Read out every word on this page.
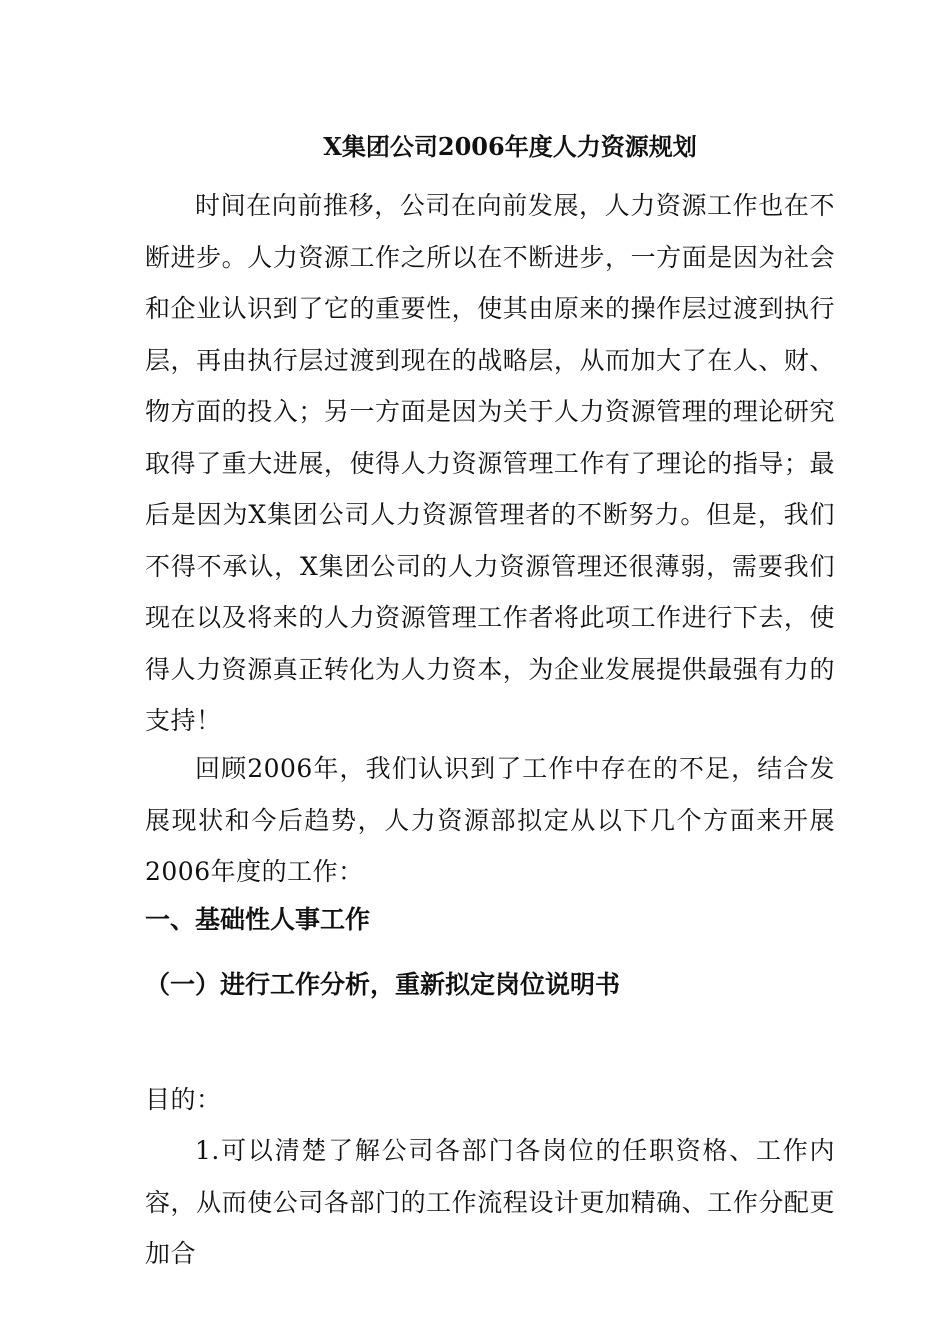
X集团公司2006年度人力资源规划
时间在向前推移，公司在向前发展，人力资源工作也在不断进步。人力资源工作之所以在不断进步，一方面是因为社会和企业认识到了它的重要性，使其由原来的操作层过渡到执行层，再由执行层过渡到现在的战略层，从而加大了在人、财、物方面的投入；另一方面是因为关于人力资源管理的理论研究取得了重大进展，使得人力资源管理工作有了理论的指导；最后是因为X集团公司人力资源管理者的不断努力。但是，我们不得不承认，X集团公司的人力资源管理还很薄弱，需要我们现在以及将来的人力资源管理工作者将此项工作进行下去，使得人力资源真正转化为人力资本，为企业发展提供最强有力的支持！
回顾2006年，我们认识到了工作中存在的不足，结合发展现状和今后趋势，人力资源部拟定从以下几个方面来开展2006年度的工作：
一、基础性人事工作
（一）进行工作分析，重新拟定岗位说明书
目的：
1.可以清楚了解公司各部门各岗位的任职资格、工作内容，从而使公司各部门的工作流程设计更加精确、工作分配更加合
